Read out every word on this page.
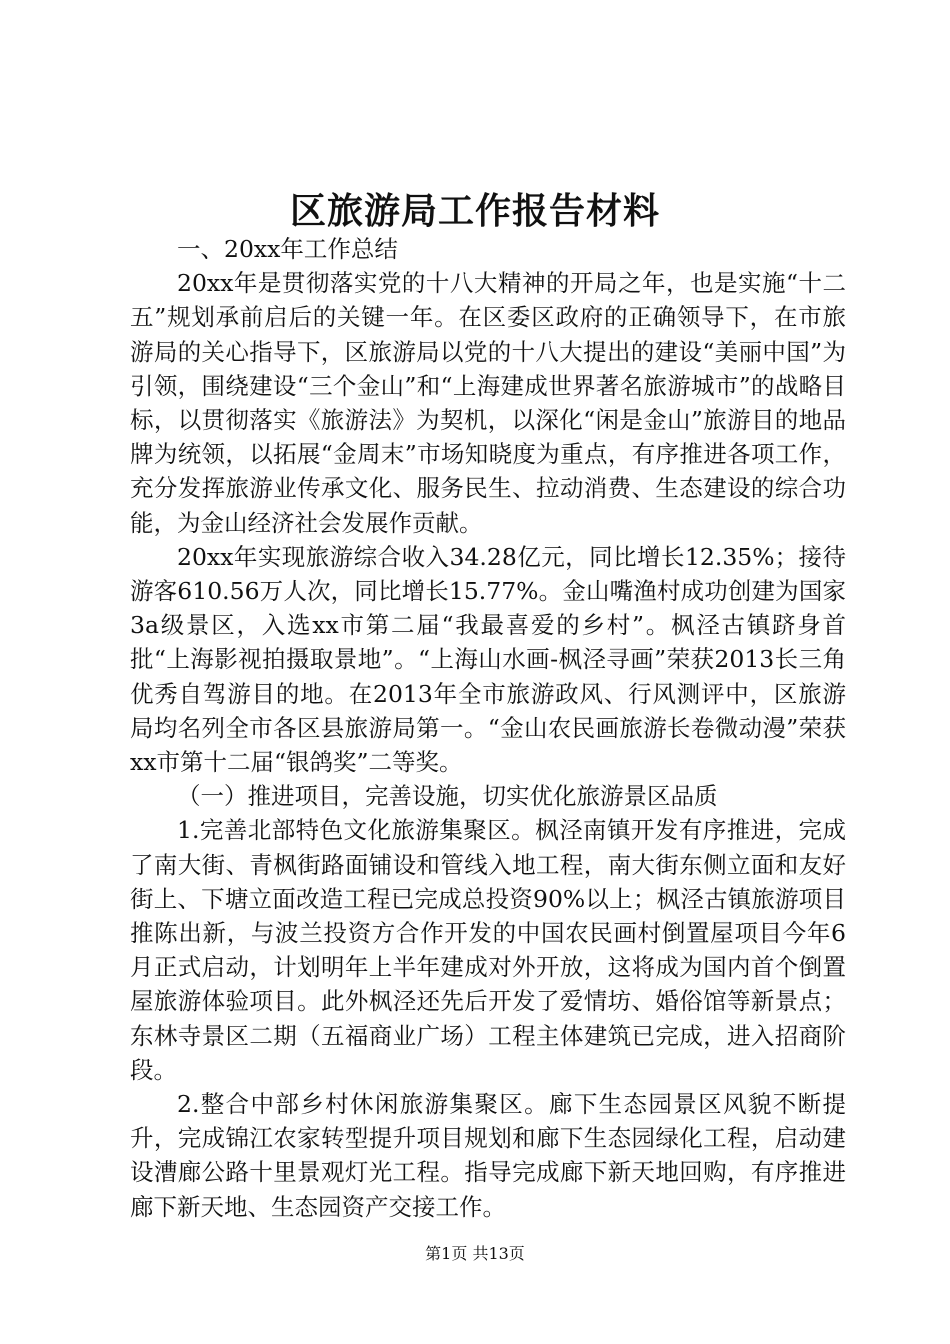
区旅游局工作报告材料

一、20xx年工作总结

20xx年是贯彻落实党的十八大精神的开局之年，也是实施“十二五”规划承前启后的关键一年。在区委区政府的正确领导下，在市旅游局的关心指导下，区旅游局以党的十八大提出的建设“美丽中国”为引领，围绕建设“三个金山”和“上海建成世界著名旅游城市”的战略目标，以贯彻落实《旅游法》为契机，以深化“闲是金山”旅游目的地品牌为统领，以拓展“金周末”市场知晓度为重点，有序推进各项工作，充分发挥旅游业传承文化、服务民生、拉动消费、生态建设的综合功能，为金山经济社会发展作贡献。

20xx年实现旅游综合收入34.28亿元，同比增长12.35%；接待游客610.56万人次，同比增长15.77%。金山嘴渔村成功创建为国家3a级景区，入选xx市第二届“我最喜爱的乡村”。枫泾古镇跻身首批“上海影视拍摄取景地”。“上海山水画-枫泾寻画”荣获2013长三角优秀自驾游目的地。在2013年全市旅游政风、行风测评中，区旅游局均名列全市各区县旅游局第一。“金山农民画旅游长卷微动漫”荣获xx市第十二届“银鸽奖”二等奖。

（一）推进项目，完善设施，切实优化旅游景区品质

1.完善北部特色文化旅游集聚区。枫泾南镇开发有序推进，完成了南大街、青枫街路面铺设和管线入地工程，南大街东侧立面和友好街上、下塘立面改造工程已完成总投资90%以上；枫泾古镇旅游项目推陈出新，与波兰投资方合作开发的中国农民画村倒置屋项目今年6月正式启动，计划明年上半年建成对外开放，这将成为国内首个倒置屋旅游体验项目。此外枫泾还先后开发了爱情坊、婚俗馆等新景点；东林寺景区二期（五福商业广场）工程主体建筑已完成，进入招商阶段。

2.整合中部乡村休闲旅游集聚区。廊下生态园景区风貌不断提升，完成锦江农家转型提升项目规划和廊下生态园绿化工程，启动建设漕廊公路十里景观灯光工程。指导完成廊下新天地回购，有序推进廊下新天地、生态园资产交接工作。

第1页 共13页
